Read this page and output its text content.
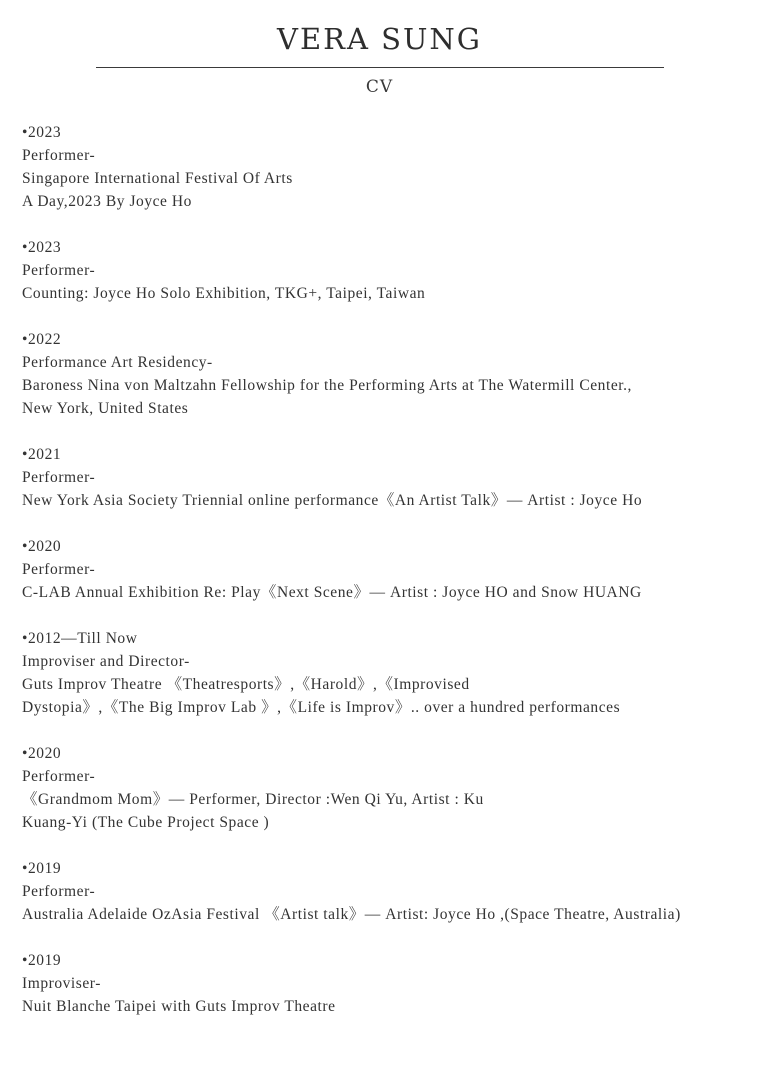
VERA SUNG
CV
•2023
Performer-
Singapore International Festival Of Arts
A Day,2023 By Joyce Ho
•2023
Performer-
Counting: Joyce Ho Solo Exhibition, TKG+, Taipei, Taiwan
•2022
Performance Art Residency-
Baroness Nina von Maltzahn Fellowship for the Performing Arts at The Watermill Center.,
New York, United States
•2021
Performer-
New York Asia Society Triennial online performance《An Artist Talk》— Artist : Joyce Ho
•2020
Performer-
C-LAB Annual Exhibition Re: Play《Next Scene》— Artist : Joyce HO and Snow HUANG
•2012—Till Now
Improviser and Director-
Guts Improv Theatre 《Theatresports》,《Harold》,《Improvised
Dystopia》,《The Big Improv Lab 》,《Life is Improv》.. over a hundred performances
•2020
Performer-
《Grandmom Mom》— Performer, Director :Wen Qi Yu, Artist : Ku
Kuang-Yi (The Cube Project Space )
•2019
Performer-
Australia Adelaide OzAsia Festival 《Artist talk》— Artist: Joyce Ho ,(Space Theatre, Australia)
•2019
Improviser-
Nuit Blanche Taipei with Guts Improv Theatre
